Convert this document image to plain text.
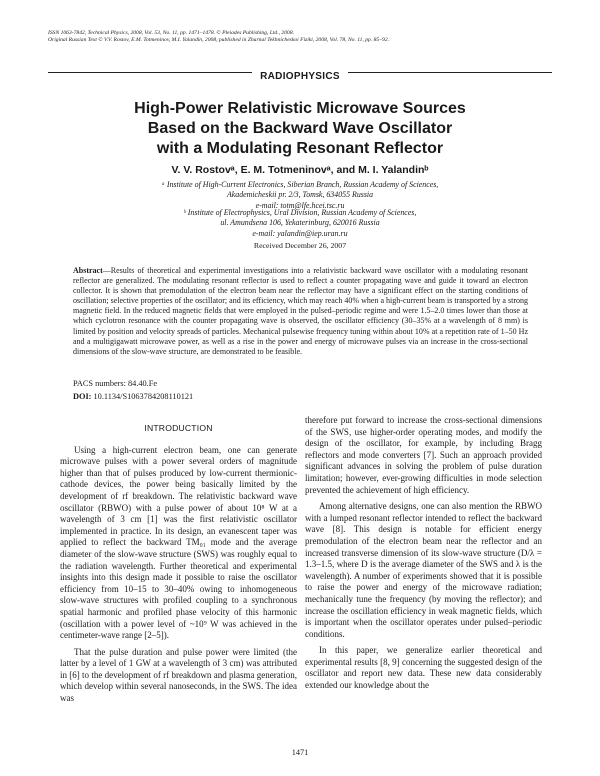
ISSN 1063-7842, Technical Physics, 2008, Vol. 53, No. 11, pp. 1471–1478. © Pleiades Publishing, Ltd., 2008.
Original Russian Text © V.V. Rostov, E.M. Totmeninov, M.I. Yalandin, 2008, published in Zhurnal Tekhnicheskoi Fiziki, 2008, Vol. 78, No. 11, pp. 85–92.
RADIOPHYSICS
High-Power Relativistic Microwave Sources
Based on the Backward Wave Oscillator
with a Modulating Resonant Reflector
V. V. Rostovᵃ, E. M. Totmeninovᵃ, and M. I. Yalandinᵇ
ᵃ Institute of High-Current Electronics, Siberian Branch, Russian Academy of Sciences,
Akademicheskii pr. 2/3, Tomsk, 634055 Russia
e-mail: totm@lfe.hcei.tsc.ru
ᵇ Institute of Electrophysics, Ural Division, Russian Academy of Sciences,
ul. Amundsena 106, Yekaterinburg, 620016 Russia
e-mail: yalandin@iep.uran.ru
Received December 26, 2007
Abstract—Results of theoretical and experimental investigations into a relativistic backward wave oscillator with a modulating resonant reflector are generalized. The modulating resonant reflector is used to reflect a counter propagating wave and guide it toward an electron collector. It is shown that premodulation of the electron beam near the reflector may have a significant effect on the starting conditions of oscillation; selective properties of the oscillator; and its efficiency, which may reach 40% when a high-current beam is transported by a strong magnetic field. In the reduced magnetic fields that were employed in the pulsed–periodic regime and were 1.5–2.0 times lower than those at which cyclotron resonance with the counter propagating wave is observed, the oscillator efficiency (30–35% at a wavelength of 8 mm) is limited by position and velocity spreads of particles. Mechanical pulsewise frequency tuning within about 10% at a repetition rate of 1–50 Hz and a multigigawatt microwave power, as well as a rise in the power and energy of microwave pulses via an increase in the cross-sectional dimensions of the slow-wave structure, are demonstrated to be feasible.
PACS numbers: 84.40.Fe
DOI: 10.1134/S1063784208110121
INTRODUCTION

Using a high-current electron beam, one can generate microwave pulses with a power several orders of magnitude higher than that of pulses produced by low-current thermionic-cathode devices, the power being basically limited by the development of rf breakdown. The relativistic backward wave oscillator (RBWO) with a pulse power of about 10⁸ W at a wavelength of 3 cm [1] was the first relativistic oscillator implemented in practice. In its design, an evanescent taper was applied to reflect the backward TM₀₁ mode and the average diameter of the slow-wave structure (SWS) was roughly equal to the radiation wavelength. Further theoretical and experimental insights into this design made it possible to raise the oscillator efficiency from 10–15 to 30–40% owing to inhomogeneous slow-wave structures with profiled coupling to a synchronous spatial harmonic and profiled phase velocity of this harmonic (oscillation with a power level of ~10⁹ W was achieved in the centimeter-wave range [2–5]).

That the pulse duration and pulse power were limited (the latter by a level of 1 GW at a wavelength of 3 cm) was attributed in [6] to the development of rf breakdown and plasma generation, which develop within several nanoseconds, in the SWS. The idea was

therefore put forward to increase the cross-sectional dimensions of the SWS, use higher-order operating modes, and modify the design of the oscillator, for example, by including Bragg reflectors and mode converters [7]. Such an approach provided significant advances in solving the problem of pulse duration limitation; however, ever-growing difficulties in mode selection prevented the achievement of high efficiency.

Among alternative designs, one can also mention the RBWO with a lumped resonant reflector intended to reflect the backward wave [8]. This design is notable for efficient energy premodulation of the electron beam near the reflector and an increased transverse dimension of its slow-wave structure (D/λ = 1.3–1.5, where D is the average diameter of the SWS and λ is the wavelength). A number of experiments showed that it is possible to raise the power and energy of the microwave radiation; mechanically tune the frequency (by moving the reflector); and increase the oscillation efficiency in weak magnetic fields, which is important when the oscillator operates under pulsed–periodic conditions.

In this paper, we generalize earlier theoretical and experimental results [8, 9] concerning the suggested design of the oscillator and report new data. These new data considerably extended our knowledge about the

1471
